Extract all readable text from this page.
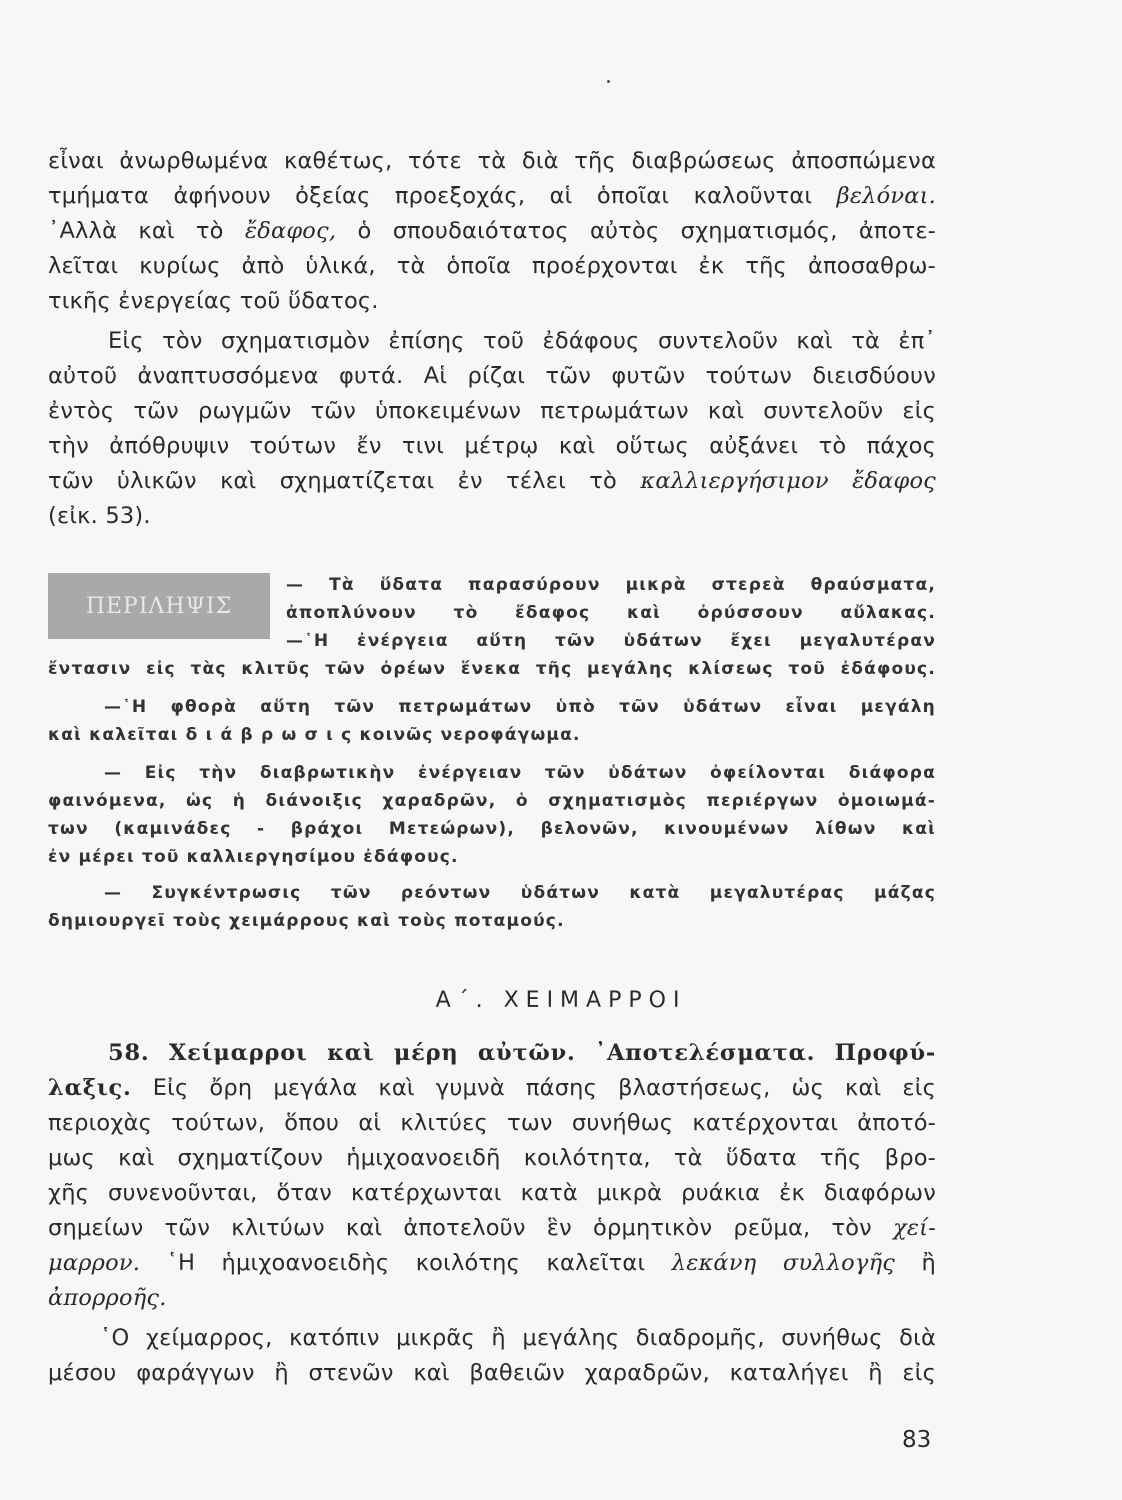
εἶναι ἀνωρθωμένα καθέτως, τότε τὰ διὰ τῆς διαβρώσεως ἀποσπώμενα
τμήματα ἀφήνουν ὀξείας προεξοχάς, αἱ ὁποῖαι καλοῦνται βελόναι.
᾿Αλλὰ καὶ τὸ ἔδαφος, ὁ σπουδαιότατος αὐτὸς σχηματισμός, ἀποτε-
λεῖται κυρίως ἀπὸ ὑλικά, τὰ ὁποῖα προέρχονται ἐκ τῆς ἀποσαθρω-
τικῆς ἐνεργείας τοῦ ὕδατος.
Εἰς τὸν σχηματισμὸν ἐπίσης τοῦ ἐδάφους συντελοῦν καὶ τὰ ἐπ᾿
αὐτοῦ ἀναπτυσσόμενα φυτά. Αἱ ρίζαι τῶν φυτῶν τούτων διεισδύουν
ἐντὸς τῶν ρωγμῶν τῶν ὑποκειμένων πετρωμάτων καὶ συντελοῦν εἰς
τὴν ἀπόθρυψιν τούτων ἔν τινι μέτρῳ καὶ οὕτως αὐξάνει τὸ πάχος
τῶν ὑλικῶν καὶ σχηματίζεται ἐν τέλει τὸ καλλιεργήσιμον ἔδαφος
(εἰκ. 53).
ΠΕΡΙΛΗΨΙΣ
— Τὰ ὕδατα παρασύρουν μικρὰ στερεὰ θραύσματα,
ἀποπλύνουν τὸ ἔδαφος καὶ ὀρύσσουν αὔλακας.
—῾Η ἐνέργεια αὕτη τῶν ὑδάτων ἔχει μεγαλυτέραν
ἔντασιν εἰς τὰς κλιτῦς τῶν ὀρέων ἕνεκα τῆς μεγάλης κλίσεως τοῦ ἐδάφους.
—῾Η φθορὰ αὕτη τῶν πετρωμάτων ὑπὸ τῶν ὑδάτων εἶναι μεγάλη
καὶ καλεῖται δ ι ά β ρ ω σ ι ς κοινῶς νεροφάγωμα.
— Εἰς τὴν διαβρωτικὴν ἐνέργειαν τῶν ὑδάτων ὀφείλονται διάφορα
φαινόμενα, ὡς ἡ διάνοιξις χαραδρῶν, ὁ σχηματισμὸς περιέργων ὁμοιωμά-
των (καμινάδες - βράχοι Μετεώρων), βελονῶν, κινουμένων λίθων καὶ
ἐν μέρει τοῦ καλλιεργησίμου ἐδάφους.
— Συγκέντρωσις τῶν ρεόντων ὑδάτων κατὰ μεγαλυτέρας μάζας
δημιουργεῖ τοὺς χειμάρρους καὶ τοὺς ποταμούς.
Α΄. ΧΕΙΜΑΡΡΟΙ
58. Χείμαρροι καὶ μέρη αὐτῶν. ᾿Αποτελέσματα. Προφύ-
λαξις. Εἰς ὄρη μεγάλα καὶ γυμνὰ πάσης βλαστήσεως, ὡς καὶ εἰς
περιοχὰς τούτων, ὅπου αἱ κλιτύες των συνήθως κατέρχονται ἀποτό-
μως καὶ σχηματίζουν ἡμιχοανοειδῆ κοιλότητα, τὰ ὕδατα τῆς βρο-
χῆς συνενοῦνται, ὅταν κατέρχωνται κατὰ μικρὰ ρυάκια ἐκ διαφόρων
σημείων τῶν κλιτύων καὶ ἀποτελοῦν ἓν ὁρμητικὸν ρεῦμα, τὸν χεί-
μαρρον. ῾Η ἡμιχοανοειδὴς κοιλότης καλεῖται λεκάνη συλλογῆς ἢ
ἀπορροῆς.
῾Ο χείμαρρος, κατόπιν μικρᾶς ἢ μεγάλης διαδρομῆς, συνήθως διὰ
μέσου φαράγγων ἢ στενῶν καὶ βαθειῶν χαραδρῶν, καταλήγει ἢ εἰς
83
